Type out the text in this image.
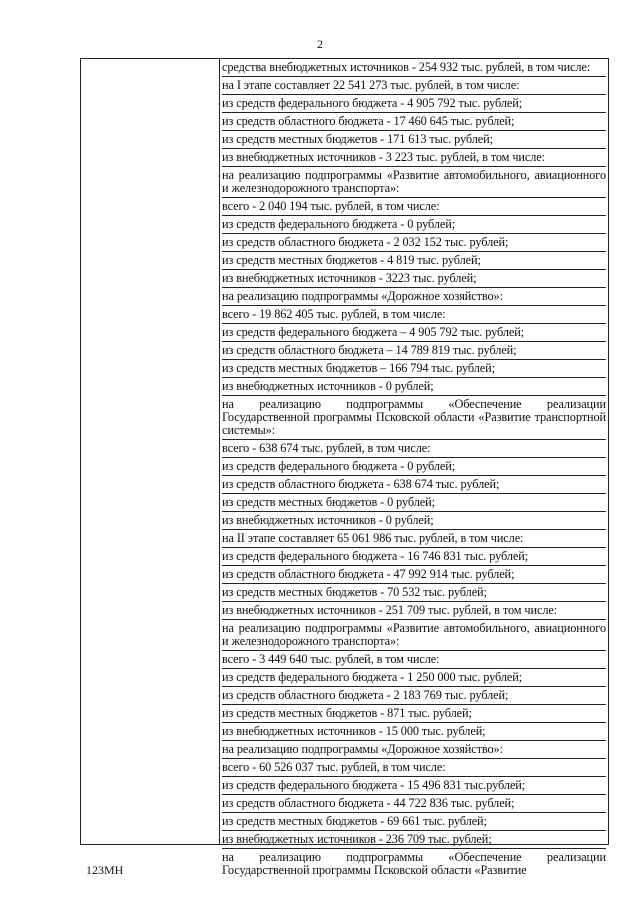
2
средства внебюджетных источников - 254 932 тыс. рублей, в том числе:
на I этапе составляет 22 541 273 тыс. рублей, в том числе:
из средств федерального бюджета - 4 905 792 тыс. рублей;
из средств областного бюджета - 17 460 645 тыс. рублей;
из средств местных бюджетов - 171 613 тыс. рублей;
из внебюджетных источников - 3 223 тыс. рублей, в том числе:
на реализацию подпрограммы «Развитие автомобильного, авиационного и железнодорожного транспорта»:
всего - 2 040 194 тыс. рублей, в том числе:
из средств федерального бюджета - 0 рублей;
из средств областного бюджета - 2 032 152 тыс. рублей;
из средств местных бюджетов - 4 819 тыс. рублей;
из внебюджетных источников - 3223 тыс. рублей;
на реализацию подпрограммы «Дорожное хозяйство»:
всего - 19 862 405 тыс. рублей, в том числе:
из средств федерального бюджета – 4 905 792 тыс. рублей;
из средств областного бюджета – 14 789 819 тыс. рублей;
из средств местных бюджетов – 166 794 тыс. рублей;
из внебюджетных источников - 0 рублей;
на реализацию подпрограммы «Обеспечение реализации Государственной программы Псковской области «Развитие транспортной системы»:
всего - 638 674 тыс. рублей, в том числе:
из средств федерального бюджета - 0 рублей;
из средств областного бюджета - 638 674 тыс. рублей;
из средств местных бюджетов - 0 рублей;
из внебюджетных источников - 0 рублей;
на II этапе составляет 65 061 986 тыс. рублей, в том числе:
из средств федерального бюджета - 16 746 831 тыс. рублей;
из средств областного бюджета - 47 992 914 тыс. рублей;
из средств местных бюджетов - 70 532 тыс. рублей;
из внебюджетных источников - 251 709 тыс. рублей, в том числе:
на реализацию подпрограммы «Развитие автомобильного, авиационного и железнодорожного транспорта»:
всего - 3 449 640 тыс. рублей, в том числе:
из средств федерального бюджета - 1 250 000 тыс. рублей;
из средств областного бюджета - 2 183 769 тыс. рублей;
из средств местных бюджетов - 871 тыс. рублей;
из внебюджетных источников - 15 000 тыс. рублей;
на реализацию подпрограммы «Дорожное хозяйство»:
всего - 60 526 037 тыс. рублей, в том числе:
из средств федерального бюджета - 15 496 831 тыс.рублей;
из средств областного бюджета - 44 722 836 тыс. рублей;
из средств местных бюджетов - 69 661 тыс. рублей;
из внебюджетных источников - 236 709 тыс. рублей;
на реализацию подпрограммы «Обеспечение реализации Государственной программы Псковской области «Развитие
123МН
